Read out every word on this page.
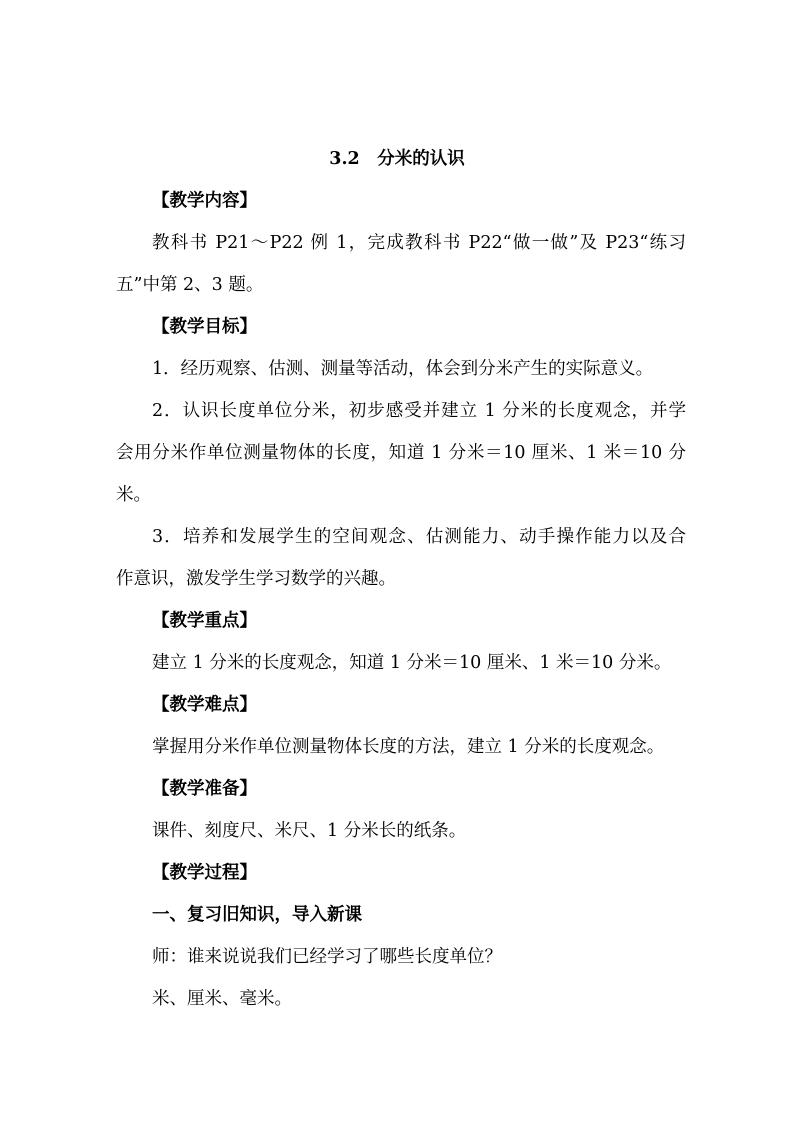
3.2　分米的认识
【教学内容】
教科书 P21～P22 例 1，完成教科书 P22“做一做”及 P23“练习
五”中第 2、3 题。
【教学目标】
1．经历观察、估测、测量等活动，体会到分米产生的实际意义。
2．认识长度单位分米，初步感受并建立 1 分米的长度观念，并学
会用分米作单位测量物体的长度，知道 1 分米＝10 厘米、1 米＝10 分
米。
3．培养和发展学生的空间观念、估测能力、动手操作能力以及合
作意识，激发学生学习数学的兴趣。
【教学重点】
建立 1 分米的长度观念，知道 1 分米＝10 厘米、1 米＝10 分米。
【教学难点】
掌握用分米作单位测量物体长度的方法，建立 1 分米的长度观念。
【教学准备】
课件、刻度尺、米尺、1 分米长的纸条。
【教学过程】
一、复习旧知识，导入新课
师：谁来说说我们已经学习了哪些长度单位？
米、厘米、毫米。
